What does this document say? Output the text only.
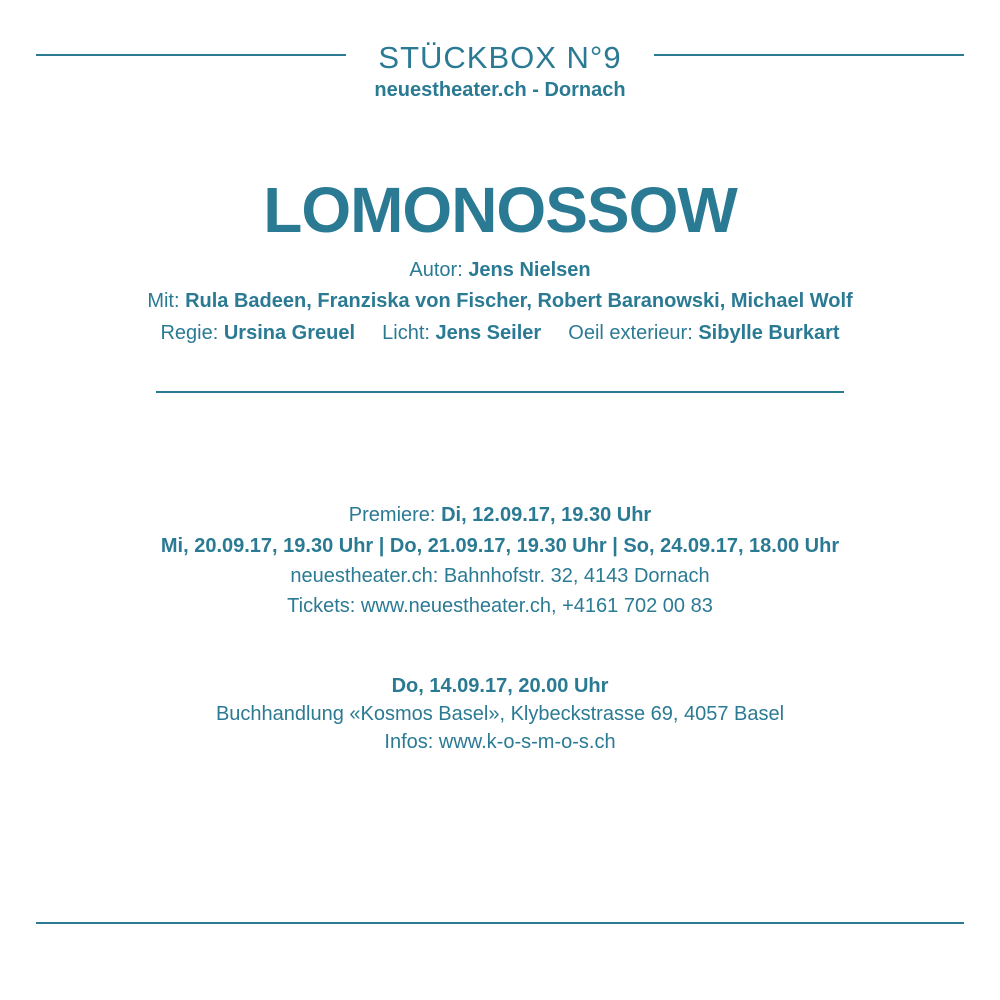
STÜCKBOX N°9
neuestheater.ch - Dornach
LOMONOSSOW
Autor: Jens Nielsen
Mit: Rula Badeen, Franziska von Fischer, Robert Baranowski, Michael Wolf
Regie: Ursina Greuel Licht: Jens Seiler Oeil exterieur: Sibylle Burkart
Premiere: Di, 12.09.17, 19.30 Uhr
Mi, 20.09.17, 19.30 Uhr | Do, 21.09.17, 19.30 Uhr | So, 24.09.17, 18.00 Uhr
neuestheater.ch: Bahnhofstr. 32, 4143 Dornach
Tickets: www.neuestheater.ch, +4161 702 00 83
Do, 14.09.17, 20.00 Uhr
Buchhandlung «Kosmos Basel», Klybeckstrasse 69, 4057 Basel
Infos: www.k-o-s-m-o-s.ch
